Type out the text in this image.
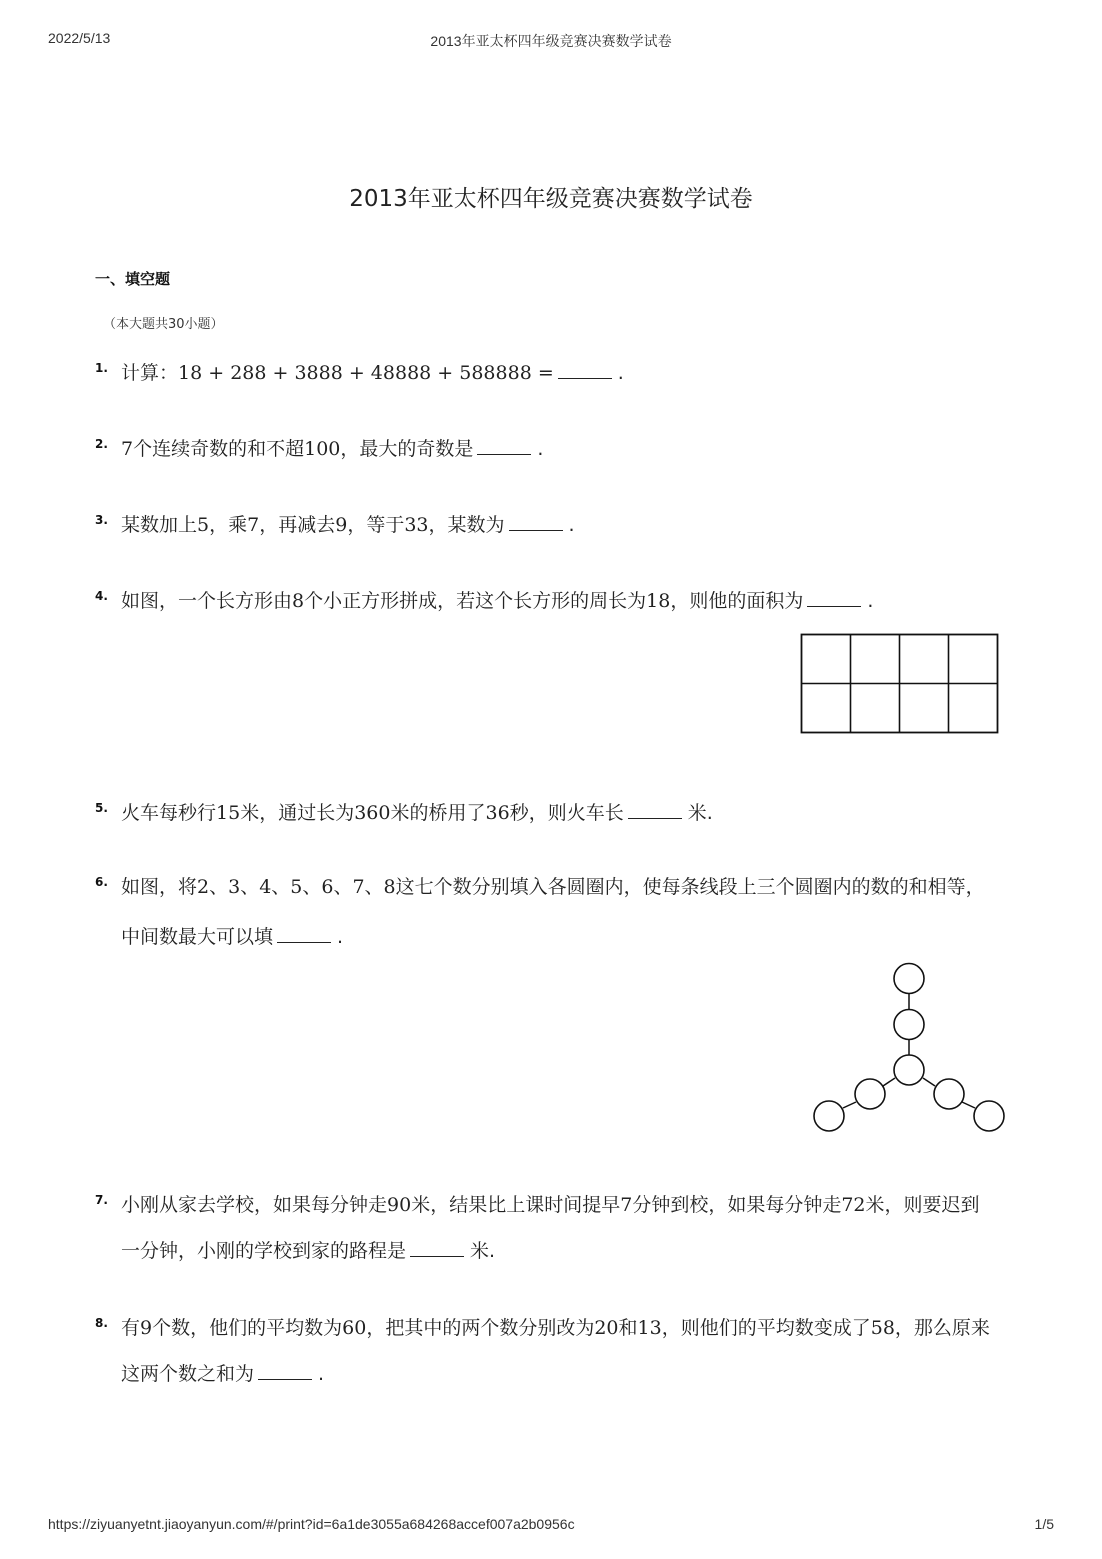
2022/5/13	2013年亚太杯四年级竞赛决赛数学试卷
2013年亚太杯四年级竞赛决赛数学试卷
一、填空题
（本大题共30小题）
1. 计算：18 + 288 + 3888 + 48888 + 588888 =	.
2. 7个连续奇数的和不超100，最大的奇数是	.
3. 某数加上5，乘7，再减去9，等于33，某数为	.
4. 如图，一个长方形由8个小正方形拼成，若这个长方形的周长为18，则他的面积为	.
5. 火车每秒行15米，通过长为360米的桥用了36秒，则火车长	米.
6. 如图，将2、3、4、5、6、7、8这七个数分别填入各圆圈内，使每条线段上三个圆圈内的数的和相等，
中间数最大可以填	.
7. 小刚从家去学校，如果每分钟走90米，结果比上课时间提早7分钟到校，如果每分钟走72米，则要迟到
一分钟，小刚的学校到家的路程是	米.
8. 有9个数，他们的平均数为60，把其中的两个数分别改为20和13，则他们的平均数变成了58，那么原来
这两个数之和为	.
https://ziyuanyetnt.jiaoyanyun.com/#/print?id=6a1de3055a684268accef007a2b0956c	1/5
